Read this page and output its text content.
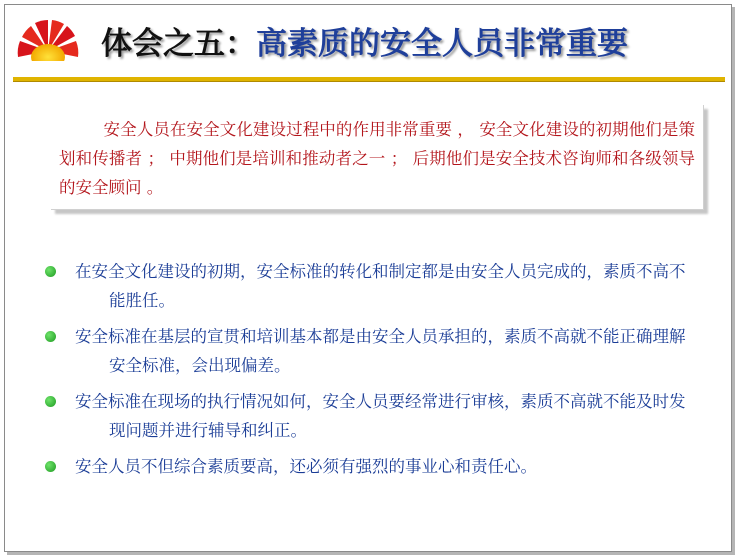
体会之五：高素质的安全人员非常重要
安全人员在安全文化建设过程中的作用非常重要 ， 安全文化建设的初期他们是策划和传播者 ； 中期他们是培训和推动者之一 ； 后期他们是安全技术咨询师和各级领导的安全顾问 。
在安全文化建设的初期，安全标准的转化和制定都是由安全人员完成的，素质不高不能胜任。
安全标准在基层的宣贯和培训基本都是由安全人员承担的，素质不高就不能正确理解安全标准，会出现偏差。
安全标准在现场的执行情况如何，安全人员要经常进行审核，素质不高就不能及时发现问题并进行辅导和纠正。
安全人员不但综合素质要高，还必须有强烈的事业心和责任心。
